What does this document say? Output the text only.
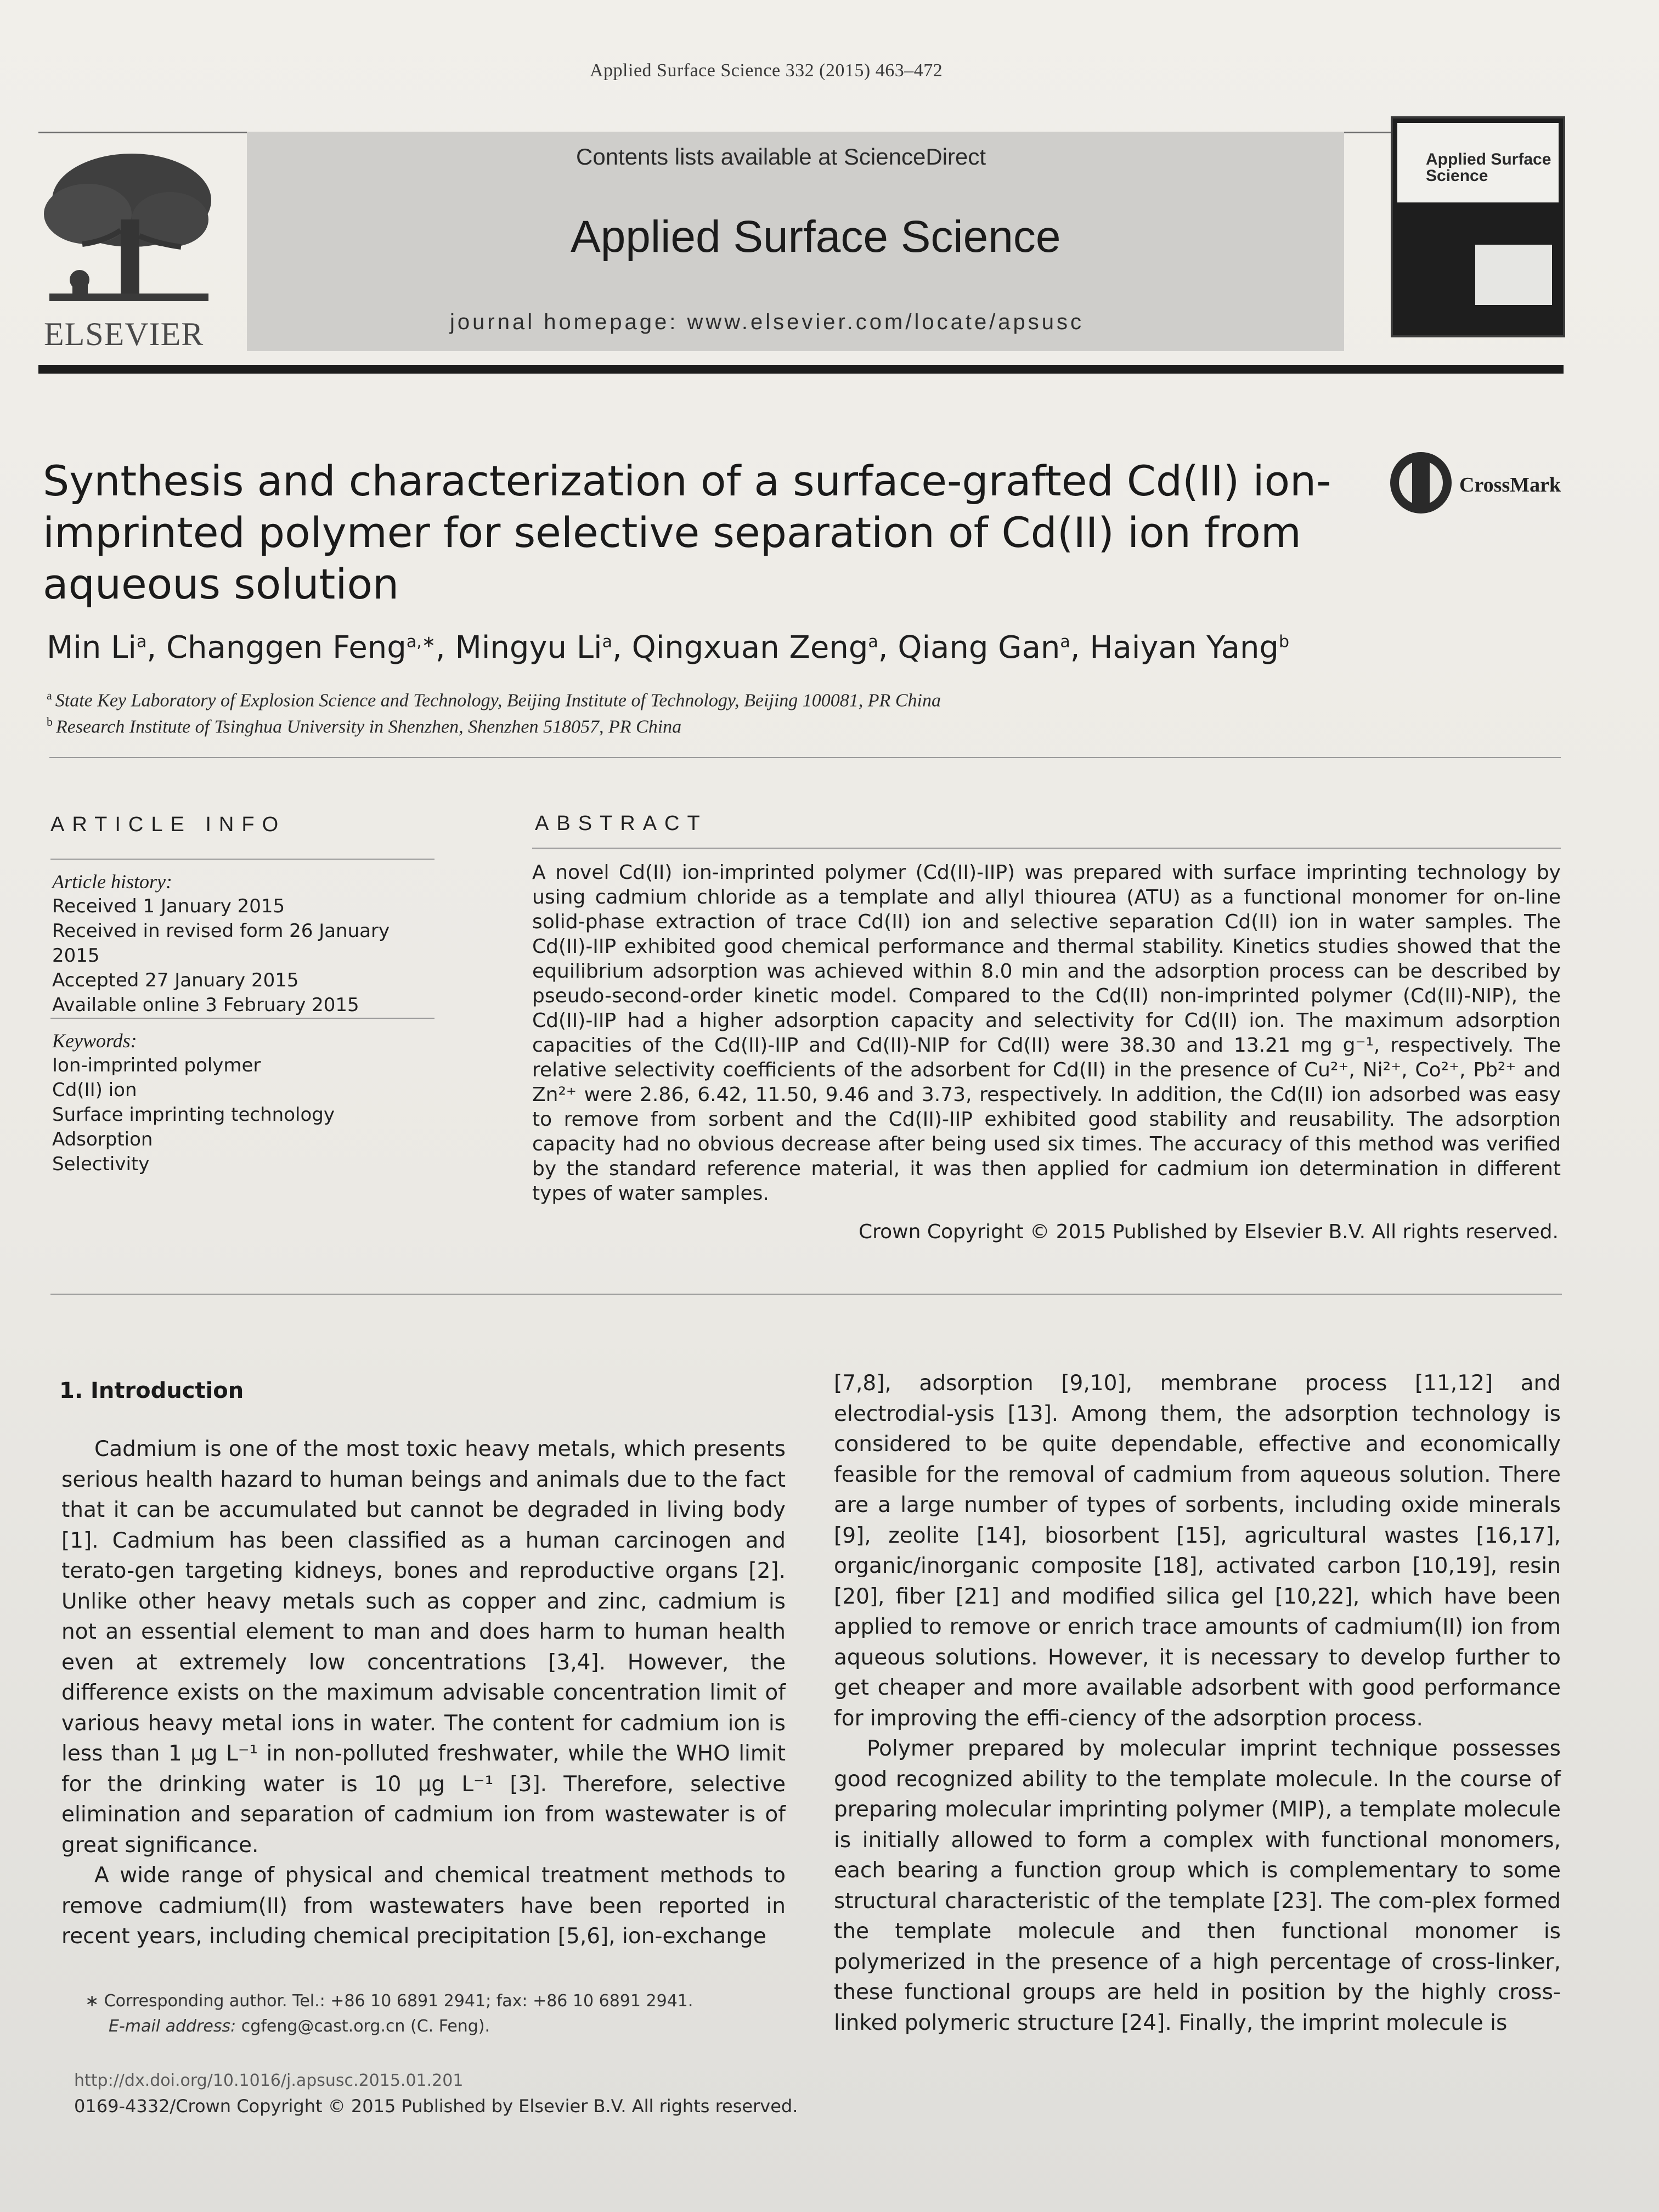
Applied Surface Science 332 (2015) 463–472
ELSEVIER
Contents lists available at ScienceDirect
Applied Surface Science
journal homepage: www.elsevier.com/locate/apsusc
Applied Surface Science
Synthesis and characterization of a surface-grafted Cd(II) ion-imprinted polymer for selective separation of Cd(II) ion from aqueous solution
CrossMark
Min Li$^a$, Changgen Feng$^{a,∗}$, Mingyu Li$^a$, Qingxuan Zeng$^a$, Qiang Gan$^a$, Haiyan Yang$^b$
$^a$ State Key Laboratory of Explosion Science and Technology, Beijing Institute of Technology, Beijing 100081, PR China
$^b$ Research Institute of Tsinghua University in Shenzhen, Shenzhen 518057, PR China
ARTICLE INFO
Article history:
Received 1 January 2015
Received in revised form 26 January 2015
Accepted 27 January 2015
Available online 3 February 2015
Keywords:
Ion-imprinted polymer
Cd(II) ion
Surface imprinting technology
Adsorption
Selectivity
ABSTRACT
A novel Cd(II) ion-imprinted polymer (Cd(II)-IIP) was prepared with surface imprinting technology by using cadmium chloride as a template and allyl thiourea (ATU) as a functional monomer for on-line solid-phase extraction of trace Cd(II) ion and selective separation Cd(II) ion in water samples. The Cd(II)-IIP exhibited good chemical performance and thermal stability. Kinetics studies showed that the equilibrium adsorption was achieved within 8.0 min and the adsorption process can be described by pseudo-second-order kinetic model. Compared to the Cd(II) non-imprinted polymer (Cd(II)-NIP), the Cd(II)-IIP had a higher adsorption capacity and selectivity for Cd(II) ion. The maximum adsorption capacities of the Cd(II)-IIP and Cd(II)-NIP for Cd(II) were 38.30 and 13.21 mg g⁻¹, respectively. The relative selectivity coefficients of the adsorbent for Cd(II) in the presence of Cu²⁺, Ni²⁺, Co²⁺, Pb²⁺ and Zn²⁺ were 2.86, 6.42, 11.50, 9.46 and 3.73, respectively. In addition, the Cd(II) ion adsorbed was easy to remove from sorbent and the Cd(II)-IIP exhibited good stability and reusability. The adsorption capacity had no obvious decrease after being used six times. The accuracy of this method was verified by the standard reference material, it was then applied for cadmium ion determination in different types of water samples.
Crown Copyright © 2015 Published by Elsevier B.V. All rights reserved.
1. Introduction

Cadmium is one of the most toxic heavy metals, which presents serious health hazard to human beings and animals due to the fact that it can be accumulated but cannot be degraded in living body [1]. Cadmium has been classified as a human carcinogen and terato-gen targeting kidneys, bones and reproductive organs [2]. Unlike other heavy metals such as copper and zinc, cadmium is not an essential element to man and does harm to human health even at extremely low concentrations [3,4]. However, the difference exists on the maximum advisable concentration limit of various heavy metal ions in water. The content for cadmium ion is less than 1 μg L⁻¹ in non-polluted freshwater, while the WHO limit for the drinking water is 10 μg L⁻¹ [3]. Therefore, selective elimination and separation of cadmium ion from wastewater is of great significance.

A wide range of physical and chemical treatment methods to remove cadmium(II) from wastewaters have been reported in recent years, including chemical precipitation [5,6], ion-exchange

[7,8], adsorption [9,10], membrane process [11,12] and electrodial-ysis [13]. Among them, the adsorption technology is considered to be quite dependable, effective and economically feasible for the removal of cadmium from aqueous solution. There are a large number of types of sorbents, including oxide minerals [9], zeolite [14], biosorbent [15], agricultural wastes [16,17], organic/inorganic composite [18], activated carbon [10,19], resin [20], fiber [21] and modified silica gel [10,22], which have been applied to remove or enrich trace amounts of cadmium(II) ion from aqueous solutions. However, it is necessary to develop further to get cheaper and more available adsorbent with good performance for improving the effi-ciency of the adsorption process.

Polymer prepared by molecular imprint technique possesses good recognized ability to the template molecule. In the course of preparing molecular imprinting polymer (MIP), a template molecule is initially allowed to form a complex with functional monomers, each bearing a function group which is complementary to some structural characteristic of the template [23]. The com-plex formed the template molecule and then functional monomer is polymerized in the presence of a high percentage of cross-linker, these functional groups are held in position by the highly cross-linked polymeric structure [24]. Finally, the imprint molecule is

∗ Corresponding author. Tel.: +86 10 6891 2941; fax: +86 10 6891 2941.
E-mail address: cgfeng@cast.org.cn (C. Feng).
http://dx.doi.org/10.1016/j.apsusc.2015.01.201
0169-4332/Crown Copyright © 2015 Published by Elsevier B.V. All rights reserved.
